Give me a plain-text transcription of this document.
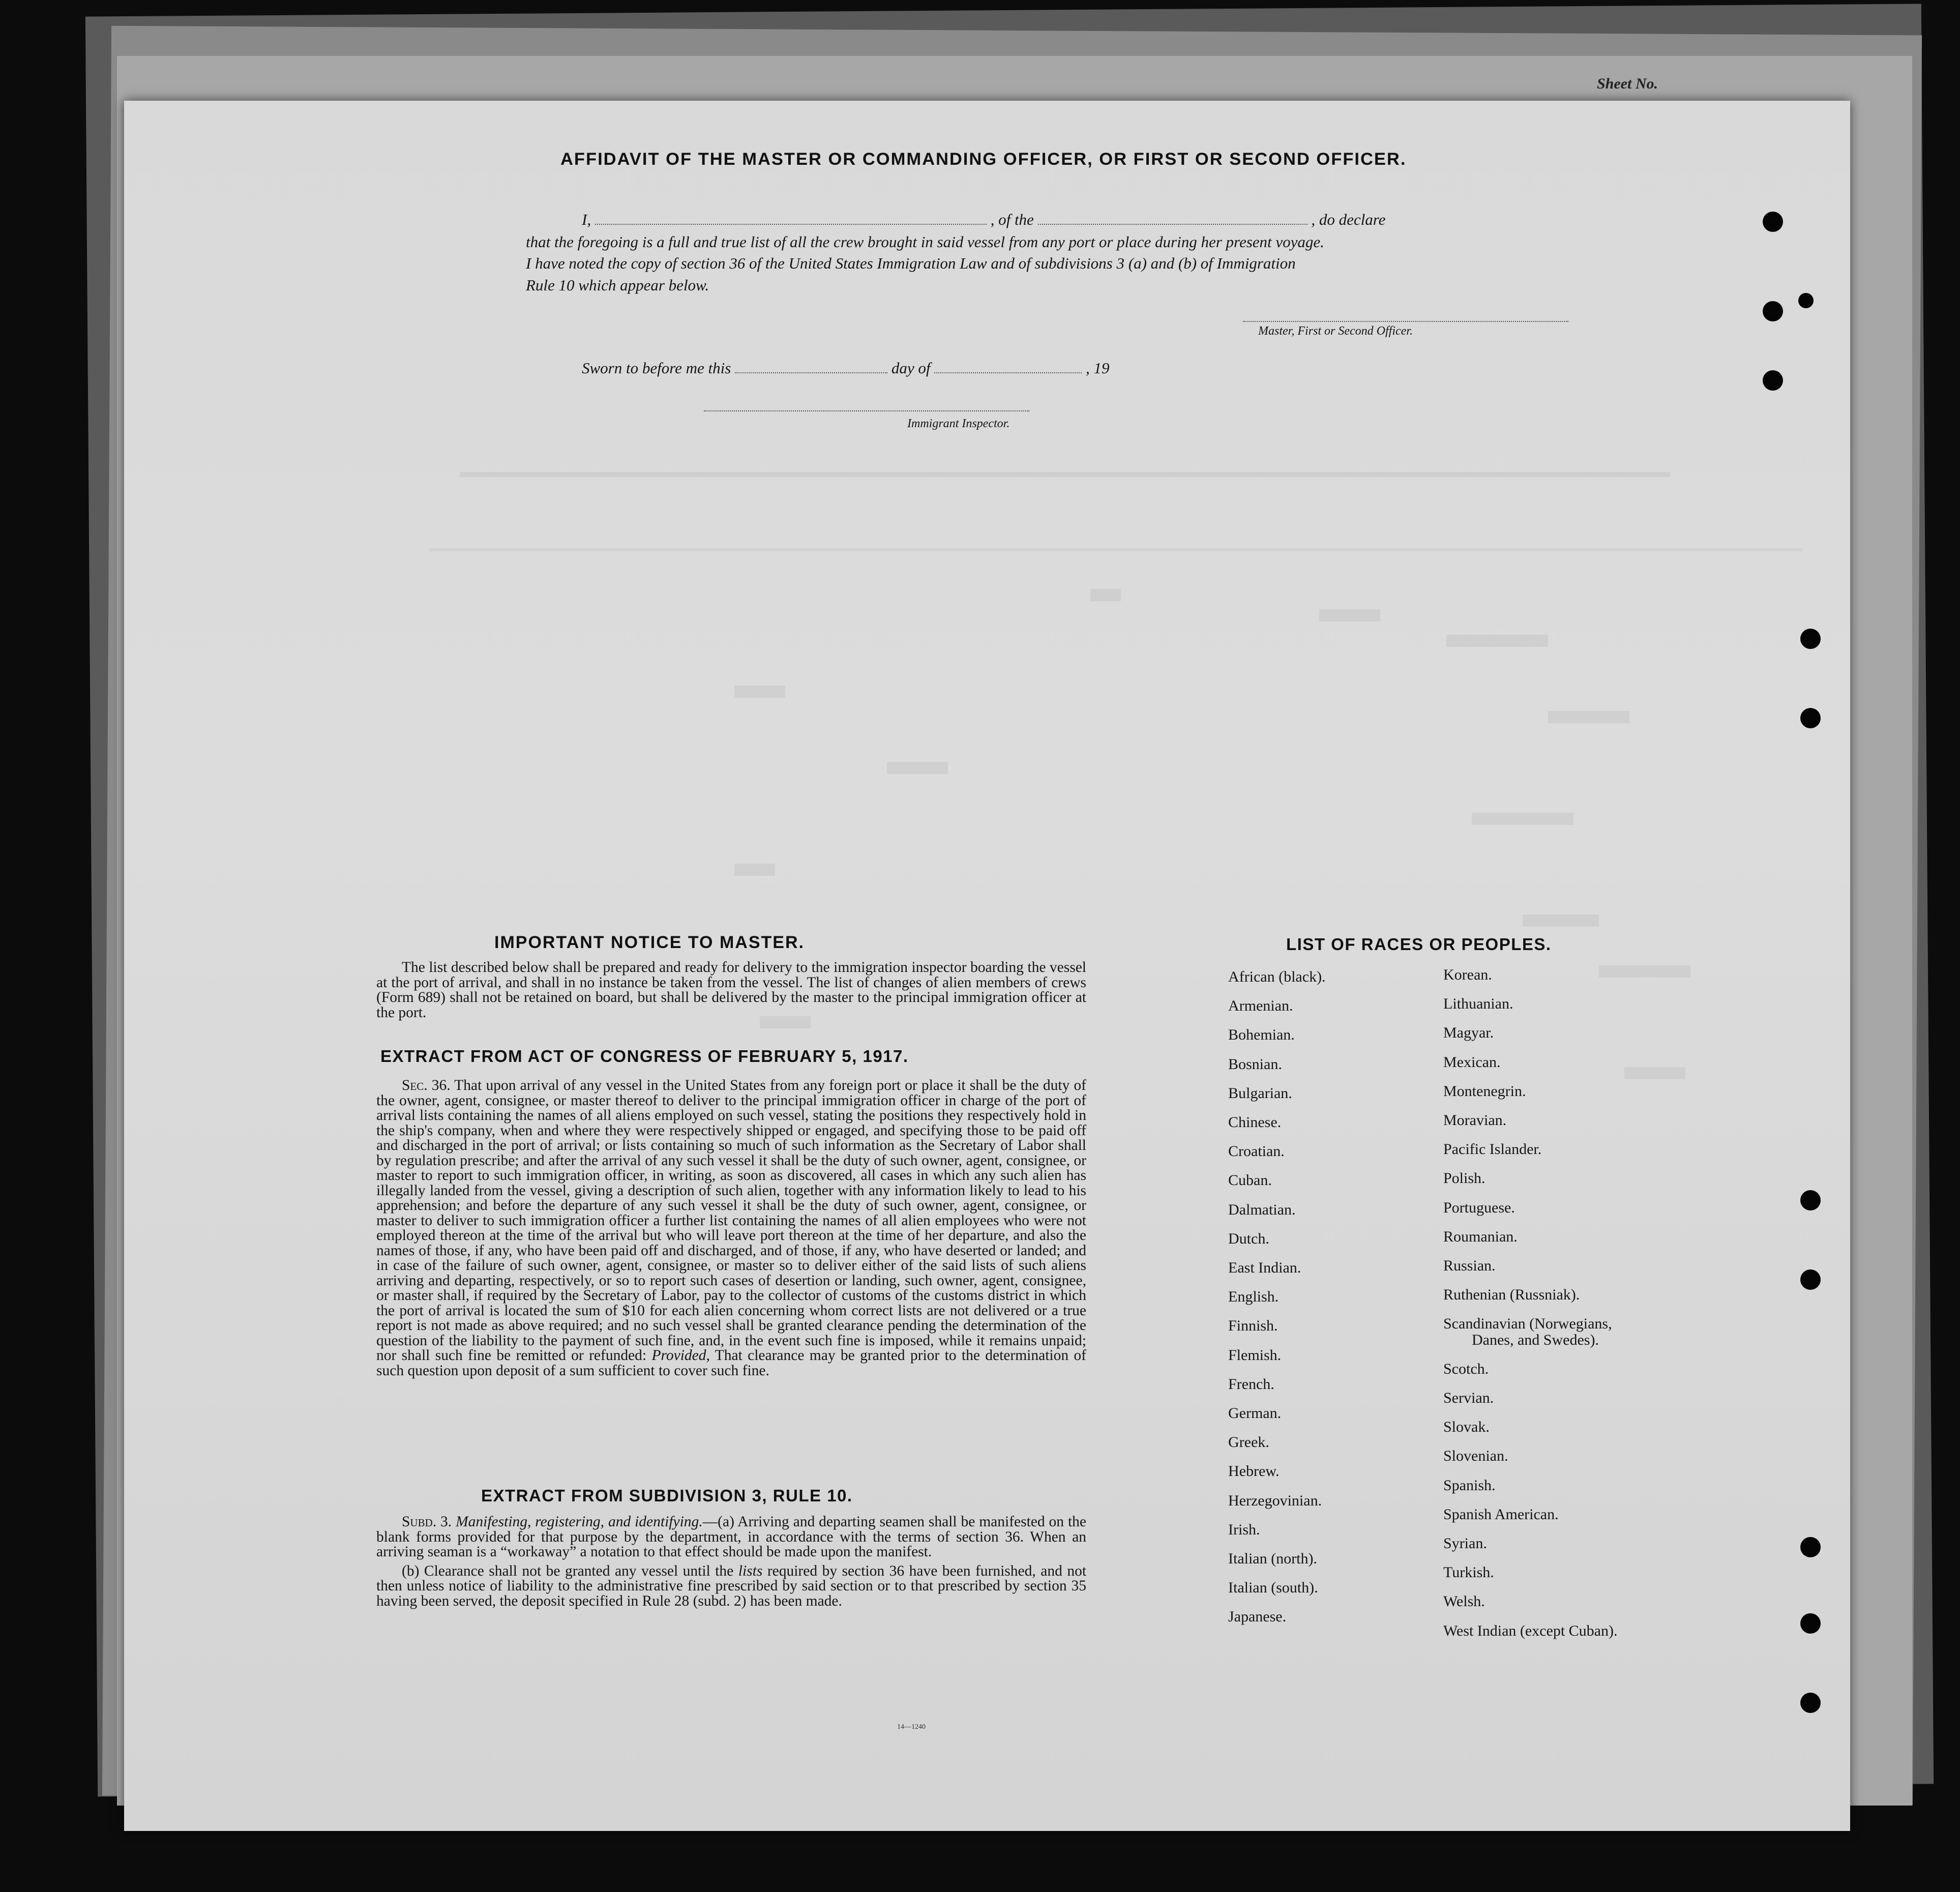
Sheet No.
AFFIDAVIT OF THE MASTER OR COMMANDING OFFICER, OR FIRST OR SECOND OFFICER.
I,	, of the	, do declare
that the foregoing is a full and true list of all the crew brought in said vessel from any port or place during her present voyage.
I have noted the copy of section 36 of the United States Immigration Law and of subdivisions 3 (a) and (b) of Immigration
Rule 10 which appear below.
Master, First or Second Officer.
Sworn to before me this	day of	, 19
Immigrant Inspector.
IMPORTANT NOTICE TO MASTER.

The list described below shall be prepared and ready for delivery to the immigration inspector boarding the vessel at the port of arrival, and shall in no instance be taken from the vessel. The list of changes of alien members of crews (Form 689) shall not be retained on board, but shall be delivered by the master to the principal immigration officer at the port.

EXTRACT FROM ACT OF CONGRESS OF FEBRUARY 5, 1917.

Sec. 36. That upon arrival of any vessel in the United States from any foreign port or place it shall be the duty of the owner, agent, consignee, or master thereof to deliver to the principal immigration officer in charge of the port of arrival lists containing the names of all aliens employed on such vessel, stating the positions they respectively hold in the ship's company, when and where they were respectively shipped or engaged, and specifying those to be paid off and discharged in the port of arrival; or lists containing so much of such information as the Secretary of Labor shall by regulation prescribe; and after the arrival of any such vessel it shall be the duty of such owner, agent, consignee, or master to report to such immigration officer, in writing, as soon as discovered, all cases in which any such alien has illegally landed from the vessel, giving a description of such alien, together with any information likely to lead to his apprehension; and before the departure of any such vessel it shall be the duty of such owner, agent, consignee, or master to deliver to such immigration officer a further list containing the names of all alien employees who were not employed thereon at the time of the arrival but who will leave port thereon at the time of her departure, and also the names of those, if any, who have been paid off and discharged, and of those, if any, who have deserted or landed; and in case of the failure of such owner, agent, consignee, or master so to deliver either of the said lists of such aliens arriving and departing, respectively, or so to report such cases of desertion or landing, such owner, agent, consignee, or master shall, if required by the Secretary of Labor, pay to the collector of customs of the customs district in which the port of arrival is located the sum of $10 for each alien concerning whom correct lists are not delivered or a true report is not made as above required; and no such vessel shall be granted clearance pending the determination of the question of the liability to the payment of such fine, and, in the event such fine is imposed, while it remains unpaid; nor shall such fine be remitted or refunded: Provided, That clearance may be granted prior to the determination of such question upon deposit of a sum sufficient to cover such fine.

EXTRACT FROM SUBDIVISION 3, RULE 10.

Subd. 3. Manifesting, registering, and identifying.—(a) Arriving and departing seamen shall be manifested on the blank forms provided for that purpose by the department, in accordance with the terms of section 36. When an arriving seaman is a “workaway” a notation to that effect should be made upon the manifest.

(b) Clearance shall not be granted any vessel until the lists required by section 36 have been furnished, and not then unless notice of liability to the administrative fine prescribed by said section or to that prescribed by section 35 having been served, the deposit specified in Rule 28 (subd. 2) has been made.

14—1240
LIST OF RACES OR PEOPLES.
African (black).
Armenian.
Bohemian.
Bosnian.
Bulgarian.
Chinese.
Croatian.
Cuban.
Dalmatian.
Dutch.
East Indian.
English.
Finnish.
Flemish.
French.
German.
Greek.
Hebrew.
Herzegovinian.
Irish.
Italian (north).
Italian (south).
Japanese.
Korean.
Lithuanian.
Magyar.
Mexican.
Montenegrin.
Moravian.
Pacific Islander.
Polish.
Portuguese.
Roumanian.
Russian.
Ruthenian (Russniak).
Scandinavian (Norwegians,
Danes, and Swedes).
Scotch.
Servian.
Slovak.
Slovenian.
Spanish.
Spanish American.
Syrian.
Turkish.
Welsh.
West Indian (except Cuban).
